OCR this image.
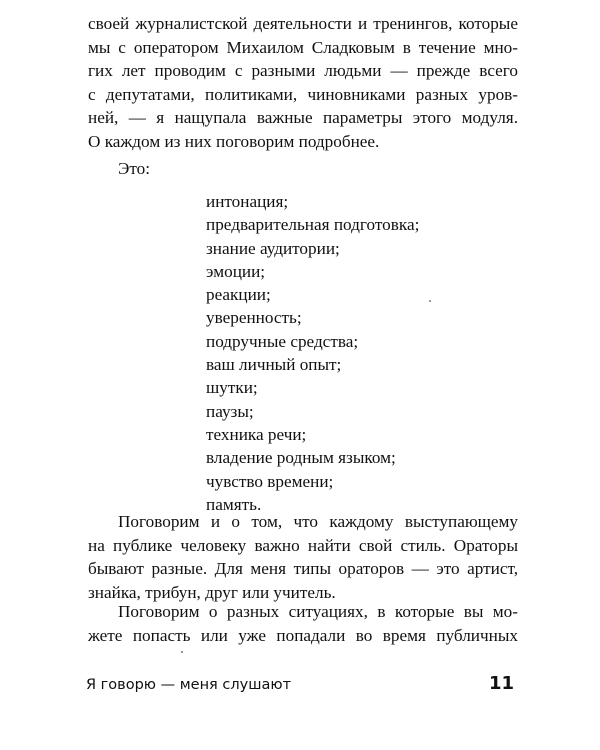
своей журналистской деятельности и тренингов, которые
мы с оператором Михаилом Сладковым в течение мно-
гих лет проводим с разными людьми — прежде всего
с депутатами, политиками, чиновниками разных уров-
ней, — я нащупала важные параметры этого модуля.
О каждом из них поговорим подробнее.

Это:

интонация;
предварительная подготовка;
знание аудитории;
эмоции;
реакции;
уверенность;
подручные средства;
ваш личный опыт;
шутки;
паузы;
техника речи;
владение родным языком;
чувство времени;
память.

Поговорим и о том, что каждому выступающему
на публике человеку важно найти свой стиль. Ораторы
бывают разные. Для меня типы ораторов — это артист,
знайка, трибун, друг или учитель.

Поговорим о разных ситуациях, в которые вы мо-
жете попасть или уже попадали во время публичных

Я говорю — меня слушают	11
